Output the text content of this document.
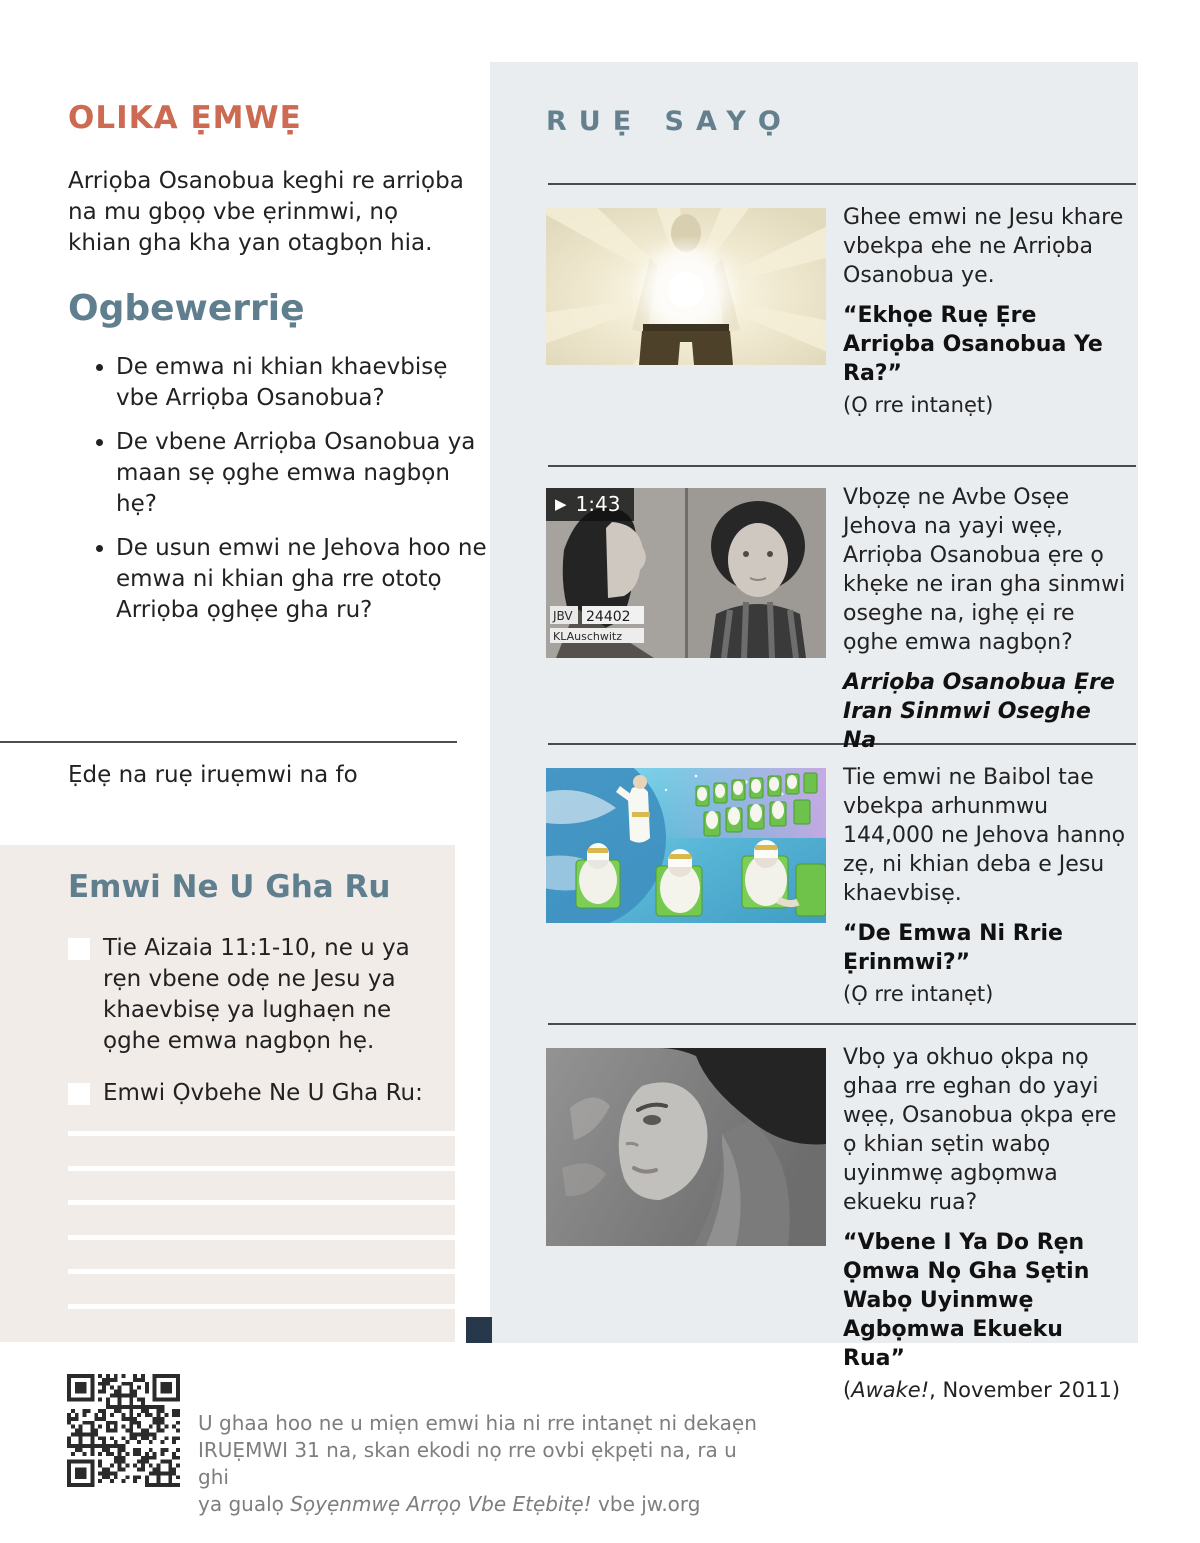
OLIKA ẸMWẸ

Arriọba Osanobua keghi re arriọba na mu gbọọ vbe ẹrinmwi, nọ khian gha kha yan otagbọn hia.

Ogbewerriẹ
• De emwa ni khian khaevbisẹ vbe Arriọba Osanobua?
• De vbene Arriọba Osanobua ya maan sẹ ọghe emwa nagbọn hẹ?
• De usun emwi ne Jehova hoo ne emwa ni khian gha rre ototọ Arriọba ọghẹe gha ru?

Ẹdẹ na ruẹ iruẹmwi na fo

Emwi Ne U Gha Ru

Tie Aizaia 11:1-10, ne u ya rẹn vbene odẹ ne Jesu ya khaevbisẹ ya lughaẹn ne ọghe emwa nagbọn hẹ.

Emwi Ọvbehe Ne U Gha Ru:

RUẸ SAYỌ

Ghee emwi ne Jesu khare vbekpa ehe ne Arriọba Osanobua ye.

“Ekhọe Ruẹ Ẹre Arriọba Osanobua Ye Ra?”

(Ọ rre intanẹt)

JBV 24402
KLAuschwitz
▶ 1:43	Vbọzẹ ne Avbe Osẹe Jehova na yayi wẹẹ, Arriọba Osanobua ẹre ọ khẹke ne iran gha sinmwi oseghe na, ighẹ ẹi re ọghe emwa nagbọn?

Arriọba Osanobua Ẹre Iran Sinmwi Oseghe Na

Tie emwi ne Baibol tae vbekpa arhunmwu 144,000 ne Jehova hannọ zẹ, ni khian deba e Jesu khaevbisẹ.

“De Emwa Ni Rrie Ẹrinmwi?”

(Ọ rre intanẹt)

Vbọ ya okhuo ọkpa nọ ghaa rre eghan do yayi wẹẹ, Osanobua ọkpa ẹre ọ khian sẹtin wabọ uyinmwẹ agbọmwa ekueku rua?

“Vbene I Ya Do Rẹn Ọmwa Nọ Gha Sẹtin Wabọ Uyinmwẹ Agbọmwa Ekueku Rua”

(Awake!, November 2011)

U ghaa hoo ne u miẹn emwi hia ni rre intanẹt ni dekaẹn

IRUẸMWI 31 na, skan ekodi nọ rre ovbi ẹkpẹti na, ra u ghi

ya gualọ Sọyẹnmwẹ Arrọọ Vbe Etẹbitẹ! vbe jw.org
